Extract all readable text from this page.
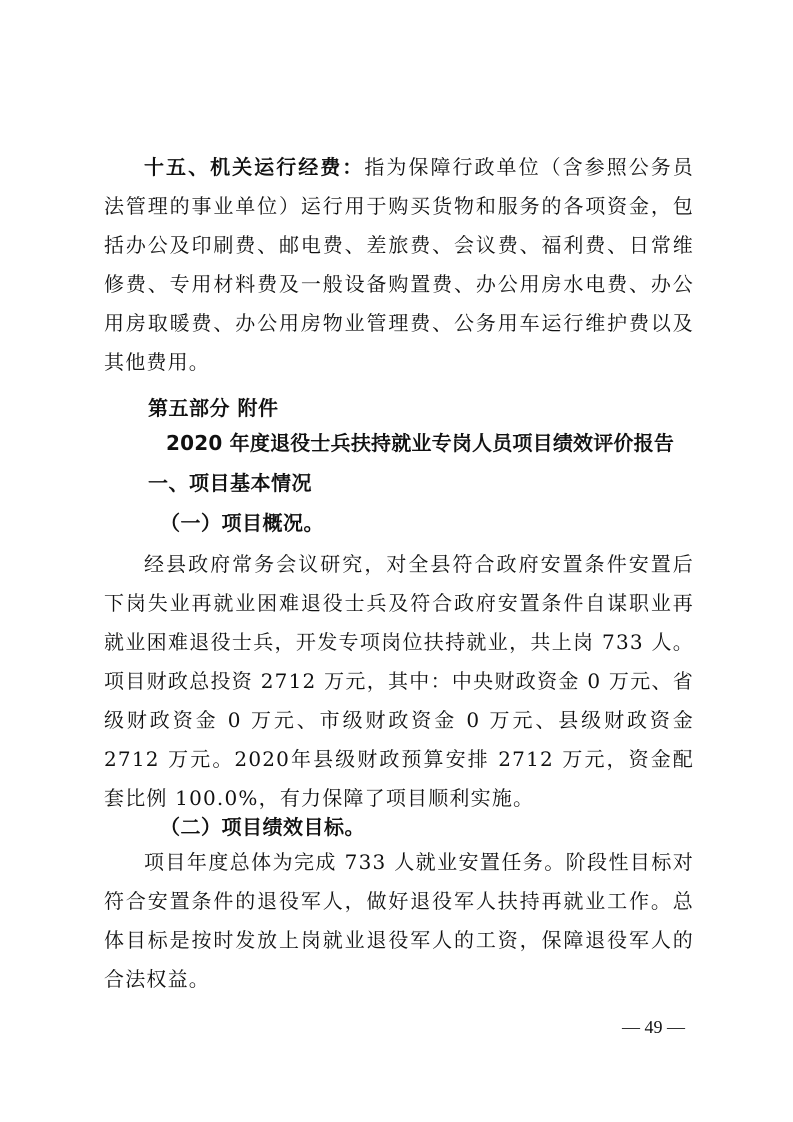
十五、机关运行经费：指为保障行政单位（含参照公务员法管理的事业单位）运行用于购买货物和服务的各项资金，包括办公及印刷费、邮电费、差旅费、会议费、福利费、日常维修费、专用材料费及一般设备购置费、办公用房水电费、办公用房取暖费、办公用房物业管理费、公务用车运行维护费以及其他费用。

第五部分 附件
2020 年度退役士兵扶持就业专岗人员项目绩效评价报告
一、项目基本情况
（一）项目概况。

经县政府常务会议研究，对全县符合政府安置条件安置后下岗失业再就业困难退役士兵及符合政府安置条件自谋职业再就业困难退役士兵，开发专项岗位扶持就业，共上岗 733 人。项目财政总投资 2712 万元，其中：中央财政资金 0 万元、省级财政资金 0 万元、市级财政资金 0 万元、县级财政资金 2712 万元。2020年县级财政预算安排 2712 万元，资金配套比例 100.0%，有力保障了项目顺利实施。

（二）项目绩效目标。

项目年度总体为完成 733 人就业安置任务。阶段性目标对符合安置条件的退役军人，做好退役军人扶持再就业工作。总体目标是按时发放上岗就业退役军人的工资，保障退役军人的合法权益。

— 49 —
